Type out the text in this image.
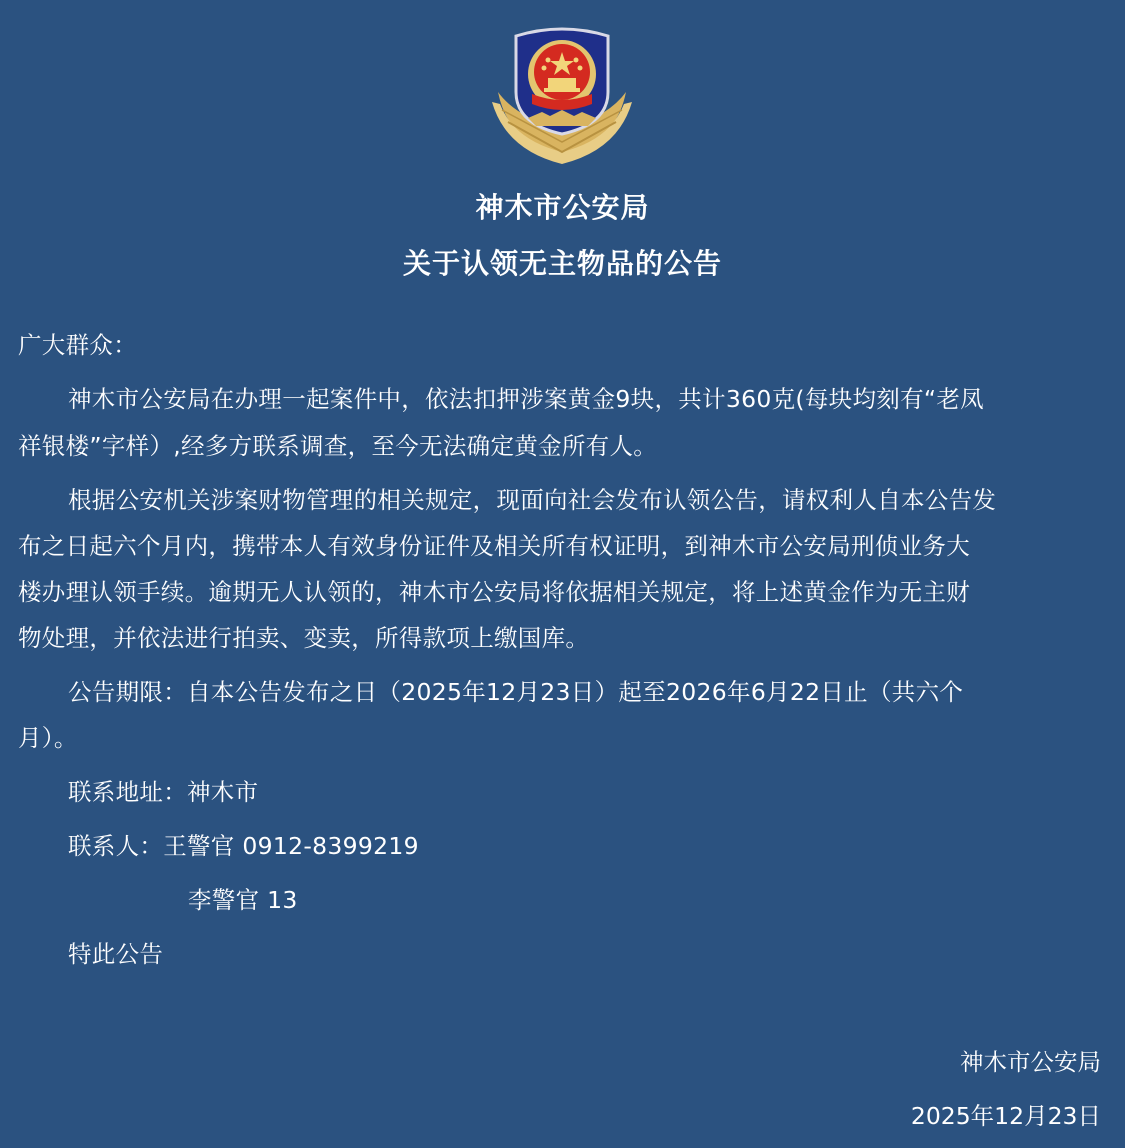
神木市公安局
关于认领无主物品的公告
广大群众：
神木市公安局在办理一起案件中，依法扣押涉案黄金9块，共计360克(每块均刻有“老凤
祥银楼”字样）,经多方联系调查，至今无法确定黄金所有人。
根据公安机关涉案财物管理的相关规定，现面向社会发布认领公告，请权利人自本公告发
布之日起六个月内，携带本人有效身份证件及相关所有权证明，到神木市公安局刑侦业务大
楼办理认领手续。逾期无人认领的，神木市公安局将依据相关规定，将上述黄金作为无主财
物处理，并依法进行拍卖、变卖，所得款项上缴国库。
公告期限：自本公告发布之日（2025年12月23日）起至2026年6月22日止（共六个
月）。
联系地址：神木市
联系人：王警官 0912-8399219
李警官 13
特此公告
神木市公安局
2025年12月23日
